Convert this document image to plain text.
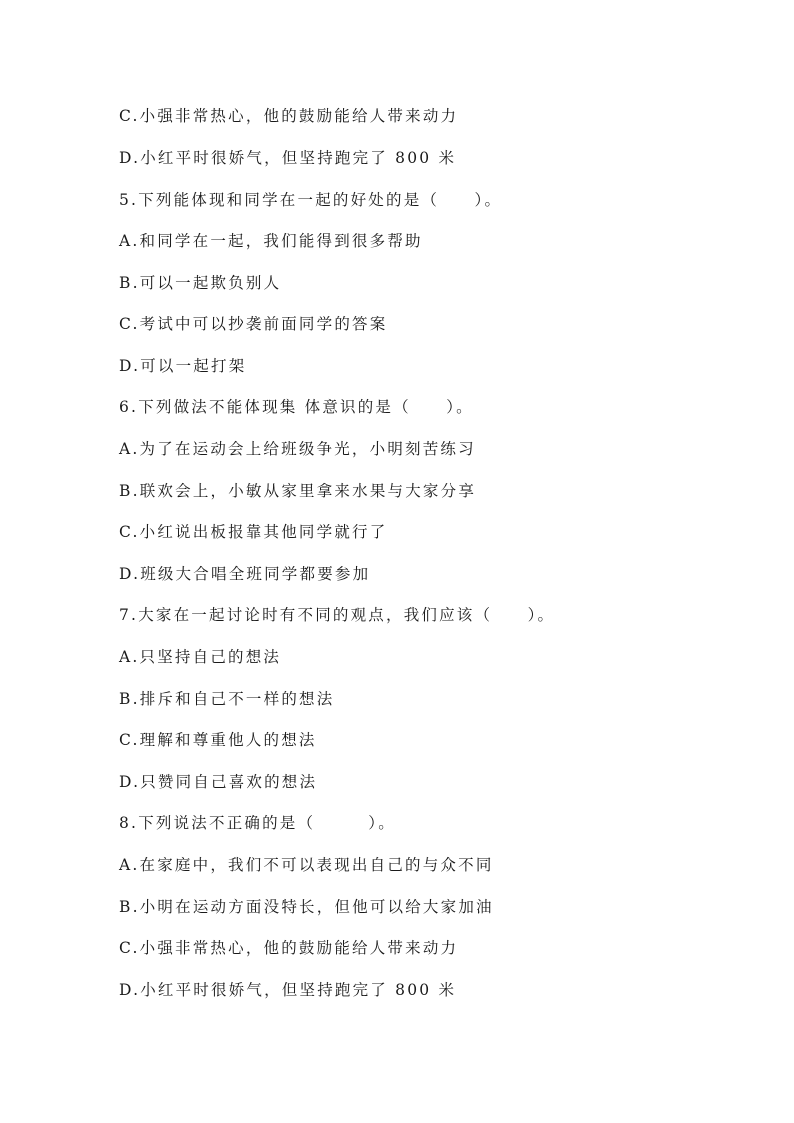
C.小强非常热心，他的鼓励能给人带来动力
D.小红平时很娇气，但坚持跑完了 800 米
5.下列能体现和同学在一起的好处的是（　　）。
A.和同学在一起，我们能得到很多帮助
B.可以一起欺负别人
C.考试中可以抄袭前面同学的答案
D.可以一起打架
6.下列做法不能体现集 体意识的是（　　）。
A.为了在运动会上给班级争光，小明刻苦练习
B.联欢会上，小敏从家里拿来水果与大家分享
C.小红说出板报靠其他同学就行了
D.班级大合唱全班同学都要参加
7.大家在一起讨论时有不同的观点，我们应该（　　）。
A.只坚持自己的想法
B.排斥和自己不一样的想法
C.理解和尊重他人的想法
D.只赞同自己喜欢的想法
8.下列说法不正确的是（　　　）。
A.在家庭中，我们不可以表现出自己的与众不同
B.小明在运动方面没特长，但他可以给大家加油
C.小强非常热心，他的鼓励能给人带来动力
D.小红平时很娇气，但坚持跑完了 800 米
